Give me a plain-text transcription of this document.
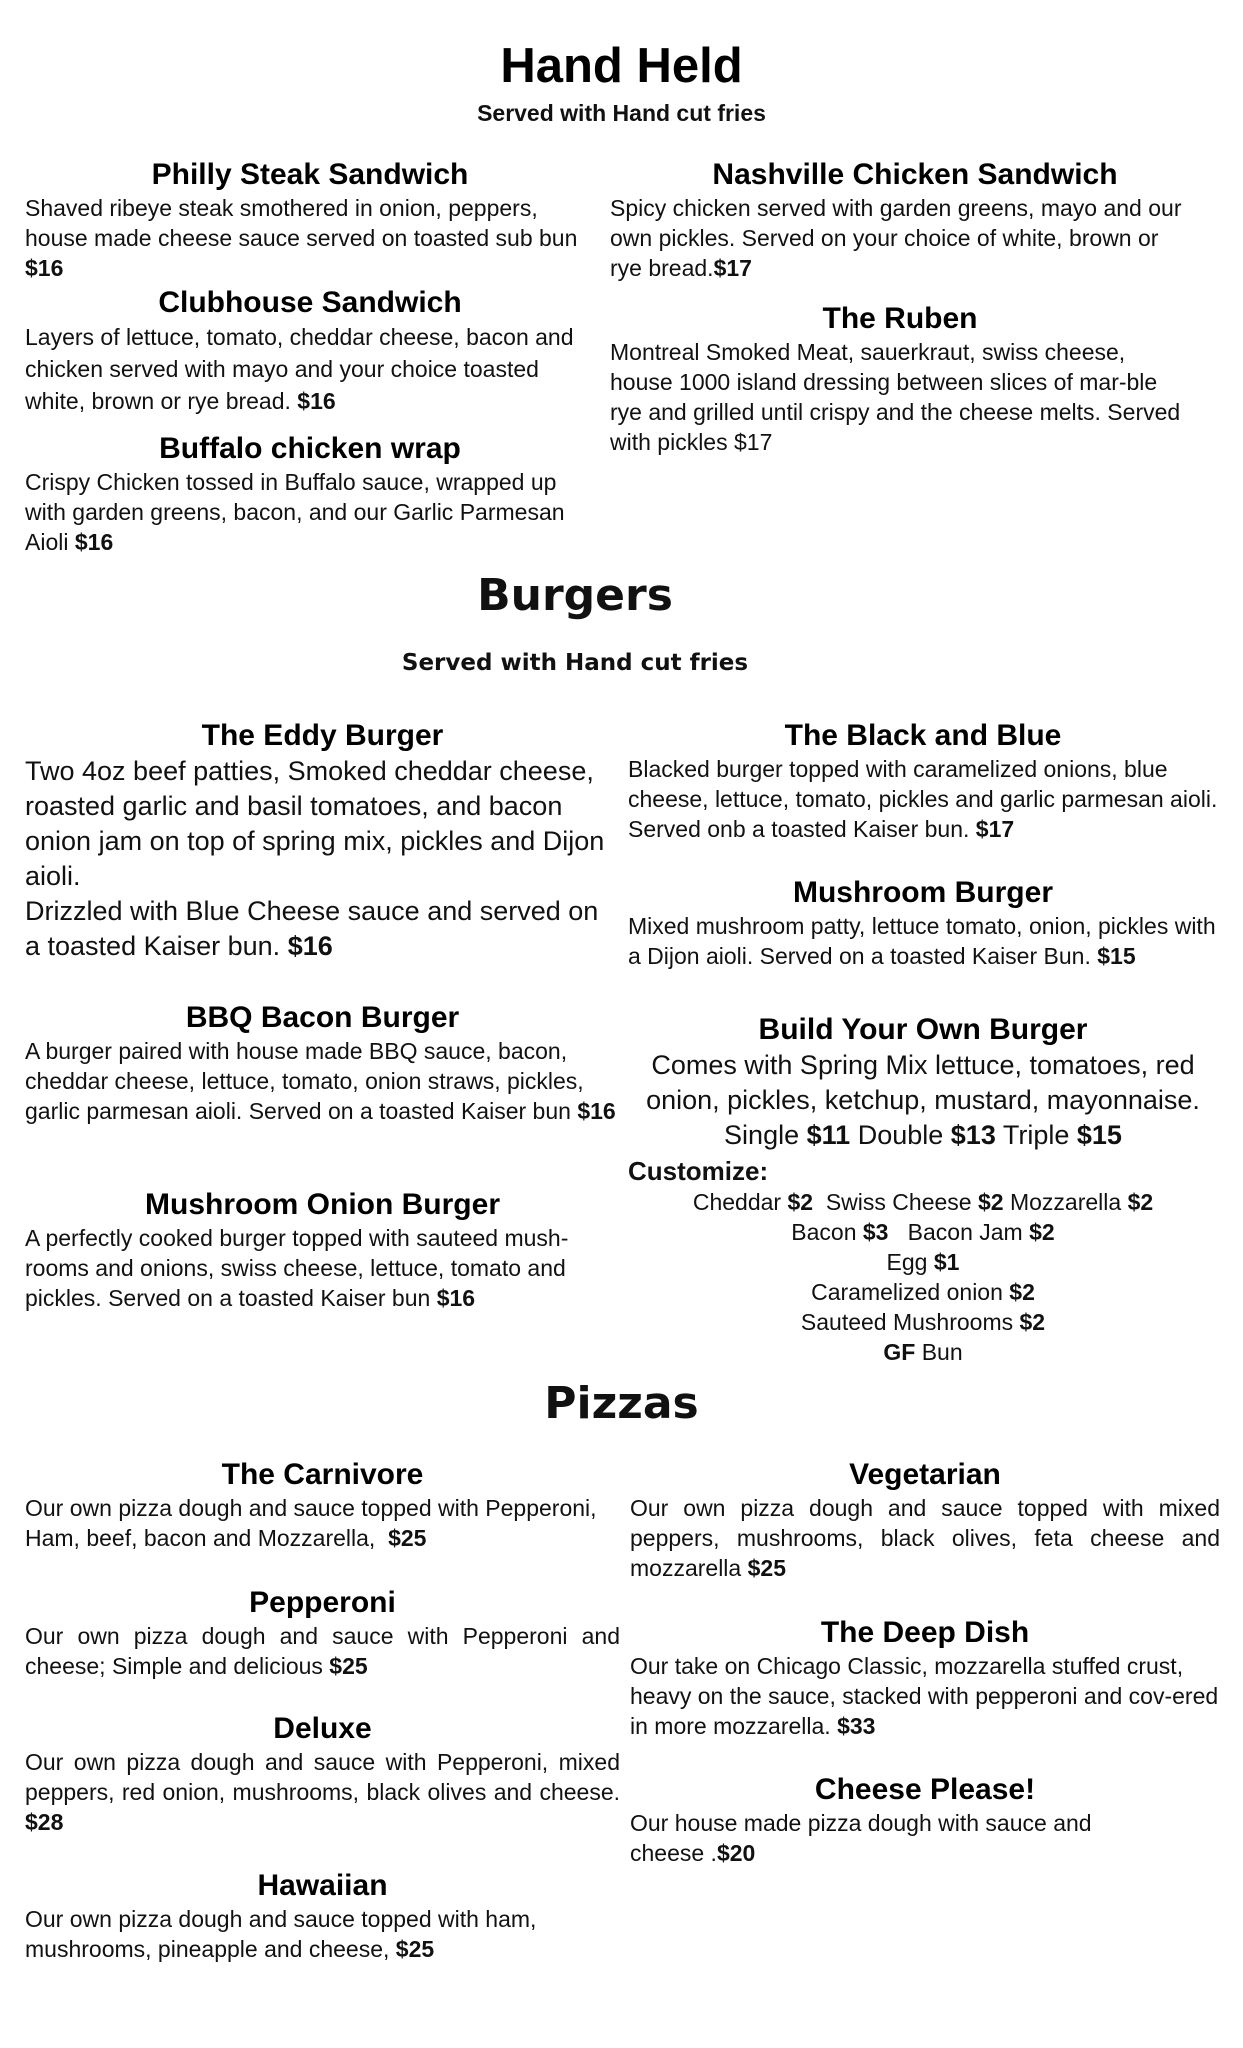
Hand Held
Served with Hand cut fries
Philly Steak Sandwich
Shaved ribeye steak smothered in onion, peppers, house made cheese sauce served on toasted sub bun $16
Clubhouse Sandwich
Layers of lettuce, tomato, cheddar cheese, bacon and chicken served with mayo and your choice toasted white, brown or rye bread. $16
Buffalo chicken wrap
Crispy Chicken tossed in Buffalo sauce, wrapped up with garden greens, bacon, and our Garlic Parmesan Aioli $16
Nashville Chicken Sandwich
Spicy chicken served with garden greens, mayo and our own pickles. Served on your choice of white, brown or rye bread.$17
The Ruben
Montreal Smoked Meat, sauerkraut, swiss cheese, house 1000 island dressing between slices of mar-ble rye and grilled until crispy and the cheese melts. Served with pickles $17
Burgers
Served with Hand cut fries
The Eddy Burger
Two 4oz beef patties, Smoked cheddar cheese, roasted garlic and basil tomatoes, and bacon onion jam on top of spring mix, pickles and Dijon aioli.
Drizzled with Blue Cheese sauce and served on a toasted Kaiser bun. $16
BBQ Bacon Burger
A burger paired with house made BBQ sauce, bacon, cheddar cheese, lettuce, tomato, onion straws, pickles, garlic parmesan aioli. Served on a toasted Kaiser bun $16
Mushroom Onion Burger
A perfectly cooked burger topped with sauteed mush-rooms and onions, swiss cheese, lettuce, tomato and pickles. Served on a toasted Kaiser bun $16
The Black and Blue
Blacked burger topped with caramelized onions, blue cheese, lettuce, tomato, pickles and garlic parmesan aioli. Served onb a toasted Kaiser bun. $17
Mushroom Burger
Mixed mushroom patty, lettuce tomato, onion, pickles with a Dijon aioli. Served on a toasted Kaiser Bun. $15
Build Your Own Burger
Comes with Spring Mix lettuce, tomatoes, red onion, pickles, ketchup, mustard, mayonnaise.
Single $11 Double $13 Triple $15
Customize:
Cheddar $2 Swiss Cheese $2 Mozzarella $2
Bacon $3 Bacon Jam $2
Egg $1
Caramelized onion $2
Sauteed Mushrooms $2
GF Bun
Pizzas
The Carnivore
Our own pizza dough and sauce topped with Pepperoni, Ham, beef, bacon and Mozzarella, $25
Pepperoni
Our own pizza dough and sauce with Pepperoni and cheese; Simple and delicious $25
Deluxe
Our own pizza dough and sauce with Pepperoni, mixed peppers, red onion, mushrooms, black olives and cheese. $28
Hawaiian
Our own pizza dough and sauce topped with ham, mushrooms, pineapple and cheese, $25
Vegetarian
Our own pizza dough and sauce topped with mixed peppers, mushrooms, black olives, feta cheese and mozzarella $25
The Deep Dish
Our take on Chicago Classic, mozzarella stuffed crust, heavy on the sauce, stacked with pepperoni and cov-ered in more mozzarella. $33
Cheese Please!
Our house made pizza dough with sauce and cheese .$20
